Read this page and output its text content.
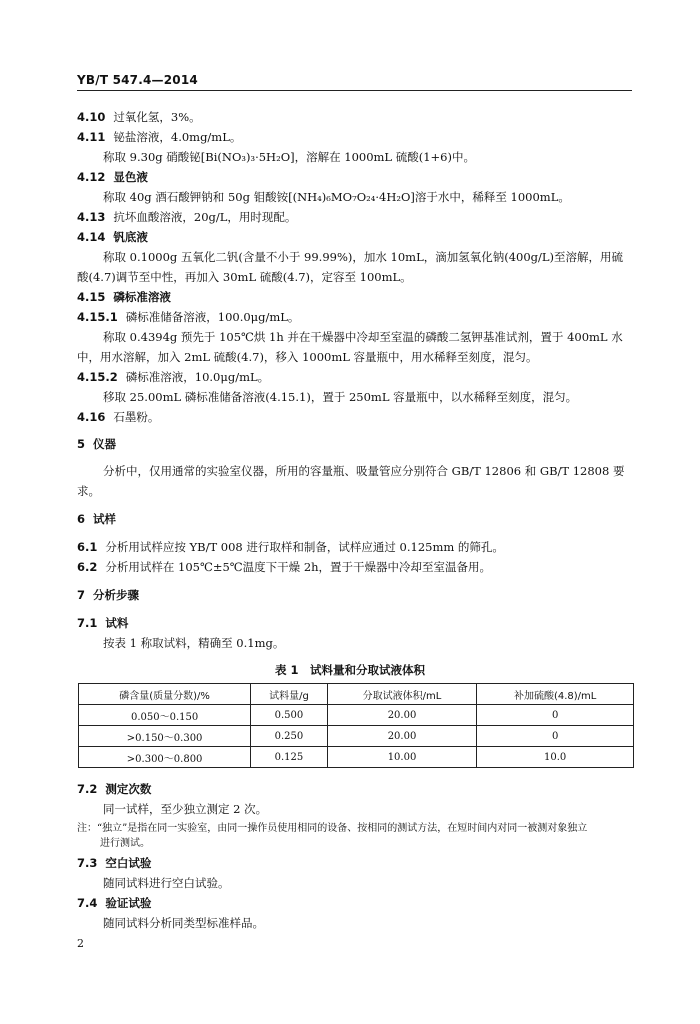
YB/T 547.4—2014
4.10 过氧化氢，3%。
4.11 铋盐溶液，4.0mg/mL。
称取 9.30g 硝酸铋[Bi(NO₃)₃·5H₂O]，溶解在 1000mL 硫酸(1+6)中。
4.12 显色液
称取 40g 酒石酸钾钠和 50g 钼酸铵[(NH₄)₆MO₇O₂₄·4H₂O]溶于水中，稀释至 1000mL。
4.13 抗坏血酸溶液，20g/L，用时现配。
4.14 钒底液
称取 0.1000g 五氧化二钒(含量不小于 99.99%)，加水 10mL，滴加氢氧化钠(400g/L)至溶解，用硫
酸(4.7)调节至中性，再加入 30mL 硫酸(4.7)，定容至 100mL。
4.15 磷标准溶液
4.15.1 磷标准储备溶液，100.0μg/mL。
称取 0.4394g 预先于 105℃烘 1h 并在干燥器中冷却至室温的磷酸二氢钾基准试剂，置于 400mL 水
中，用水溶解，加入 2mL 硫酸(4.7)，移入 1000mL 容量瓶中，用水稀释至刻度，混匀。
4.15.2 磷标准溶液，10.0μg/mL。
移取 25.00mL 磷标准储备溶液(4.15.1)，置于 250mL 容量瓶中，以水稀释至刻度，混匀。
4.16 石墨粉。
5 仪器
分析中，仅用通常的实验室仪器，所用的容量瓶、吸量管应分别符合 GB/T 12806 和 GB/T 12808 要
求。
6 试样
6.1 分析用试样应按 YB/T 008 进行取样和制备，试样应通过 0.125mm 的筛孔。
6.2 分析用试样在 105℃±5℃温度下干燥 2h，置于干燥器中冷却至室温备用。
7 分析步骤
7.1 试料
按表 1 称取试料，精确至 0.1mg。
表 1　试料量和分取试液体积
磷含量(质量分数)/%	试料量/g	分取试液体积/mL	补加硫酸(4.8)/mL
0.050～0.150	0.500	20.00	0
>0.150～0.300	0.250	20.00	0
>0.300～0.800	0.125	10.00	10.0
7.2 测定次数
同一试样，至少独立测定 2 次。
注：“独立”是指在同一实验室，由同一操作员使用相同的设备、按相同的测试方法，在短时间内对同一被测对象独立
进行测试。
7.3 空白试验
随同试料进行空白试验。
7.4 验证试验
随同试料分析同类型标准样品。
2
